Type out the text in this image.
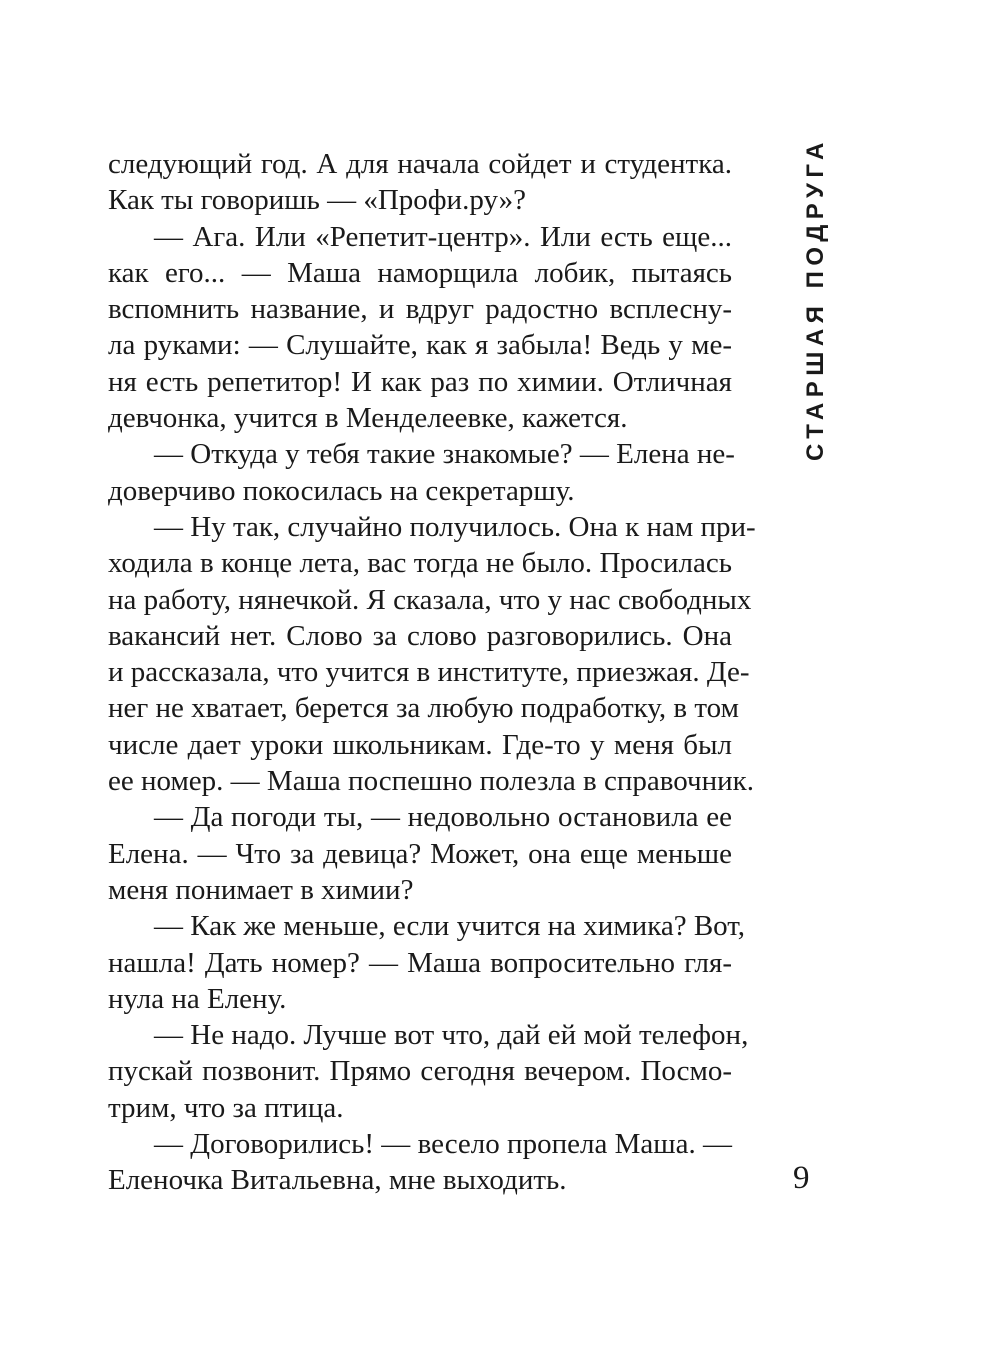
следующий год. А для начала сойдет и студентка.
Как ты говоришь — «Профи.ру»?
— Ага. Или «Репетит-центр». Или есть еще...
как его... — Маша наморщила лобик, пытаясь
вспомнить название, и вдруг радостно всплесну-
ла руками: — Слушайте, как я забыла! Ведь у ме-
ня есть репетитор! И как раз по химии. Отличная
девчонка, учится в Менделеевке, кажется.
— Откуда у тебя такие знакомые? — Елена не-
доверчиво покосилась на секретаршу.
— Ну так, случайно получилось. Она к нам при-
ходила в конце лета, вас тогда не было. Просилась
на работу, нянечкой. Я сказала, что у нас свободных
вакансий нет. Слово за слово разговорились. Она
и рассказала, что учится в институте, приезжая. Де-
нег не хватает, берется за любую подработку, в том
числе дает уроки школьникам. Где-то у меня был
ее номер. — Маша поспешно полезла в справочник.
— Да погоди ты, — недовольно остановила ее
Елена. — Что за девица? Может, она еще меньше
меня понимает в химии?
— Как же меньше, если учится на химика? Вот,
нашла! Дать номер? — Маша вопросительно гля-
нула на Елену.
— Не надо. Лучше вот что, дай ей мой телефон,
пускай позвонит. Прямо сегодня вечером. Посмо-
трим, что за птица.
— Договорились! — весело пропела Маша. —
Еленочка Витальевна, мне выходить.
СТАРШАЯ ПОДРУГА
9
